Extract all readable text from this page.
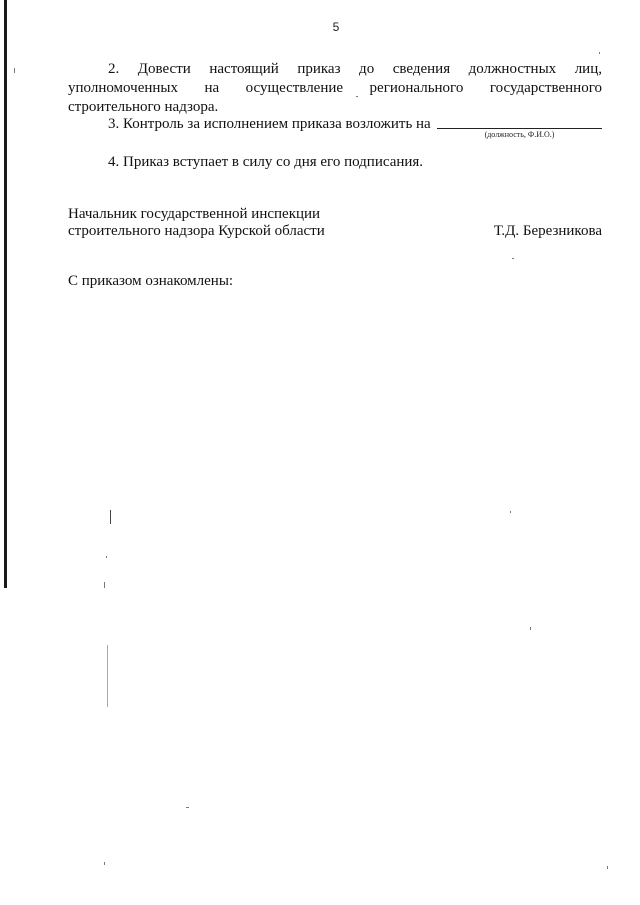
5
2. Довести настоящий приказ до сведения должностных лиц,
уполномоченных на осуществление регионального государственного
строительного надзора.
3. Контроль за исполнением приказа возложить на
(должность, Ф.И.О.)
4. Приказ вступает в силу со дня его подписания.
Начальник государственной инспекции
строительного надзора Курской области	Т.Д. Березникова
С приказом ознакомлены:
